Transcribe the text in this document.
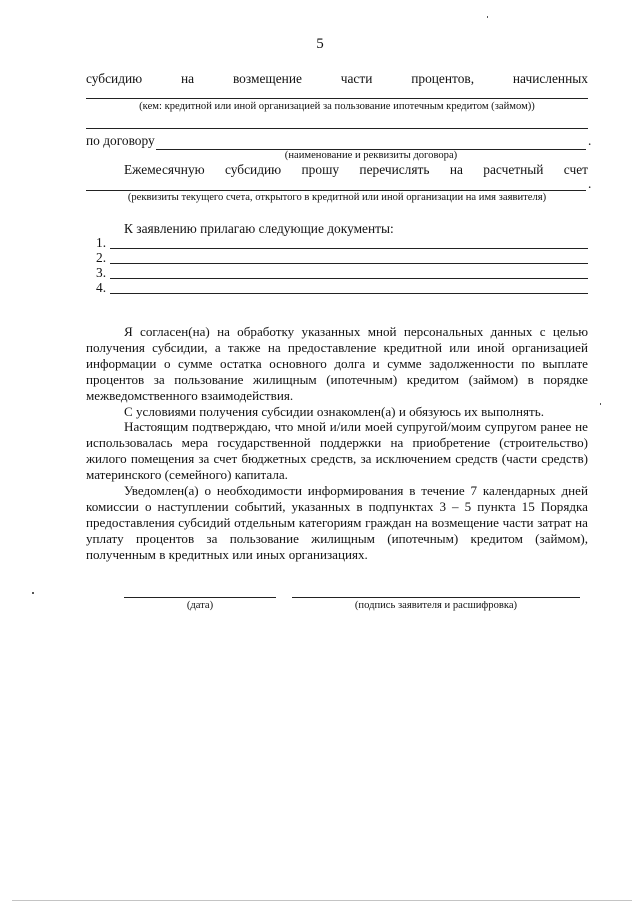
5
субсидию	на	возмещение	части	процентов,	начисленных
(кем: кредитной или иной организацией за пользование ипотечным кредитом (займом))
по договору	.
(наименование и реквизиты договора)
Ежемесячную субсидию прошу перечислять на расчетный счет
.
(реквизиты текущего счета, открытого в кредитной или иной организации на имя заявителя)
К заявлению прилагаю следующие документы:
1.
2.
3.
4.

Я согласен(на) на обработку указанных мной персональных данных с целью получения субсидии, а также на предоставление кредитной или иной организацией информации о сумме остатка основного долга и сумме задолженности по выплате процентов за пользование жилищным (ипотечным) кредитом (займом) в порядке межведомственного взаимодействия.

С условиями получения субсидии ознакомлен(а) и обязуюсь их выполнять.

Настоящим подтверждаю, что мной и/или моей супругой/моим супругом ранее не использовалась мера государственной поддержки на приобретение (строительство) жилого помещения за счет бюджетных средств, за исключением средств (части средств) материнского (семейного) капитала.

Уведомлен(а) о необходимости информирования в течение 7 календарных дней комиссии о наступлении событий, указанных в подпунктах 3 – 5 пункта 15 Порядка предоставления субсидий отдельным категориям граждан на возмещение части затрат на уплату процентов за пользование жилищным (ипотечным) кредитом (займом), полученным в кредитных или иных организациях.

(дата)	(подпись заявителя и расшифровка)
